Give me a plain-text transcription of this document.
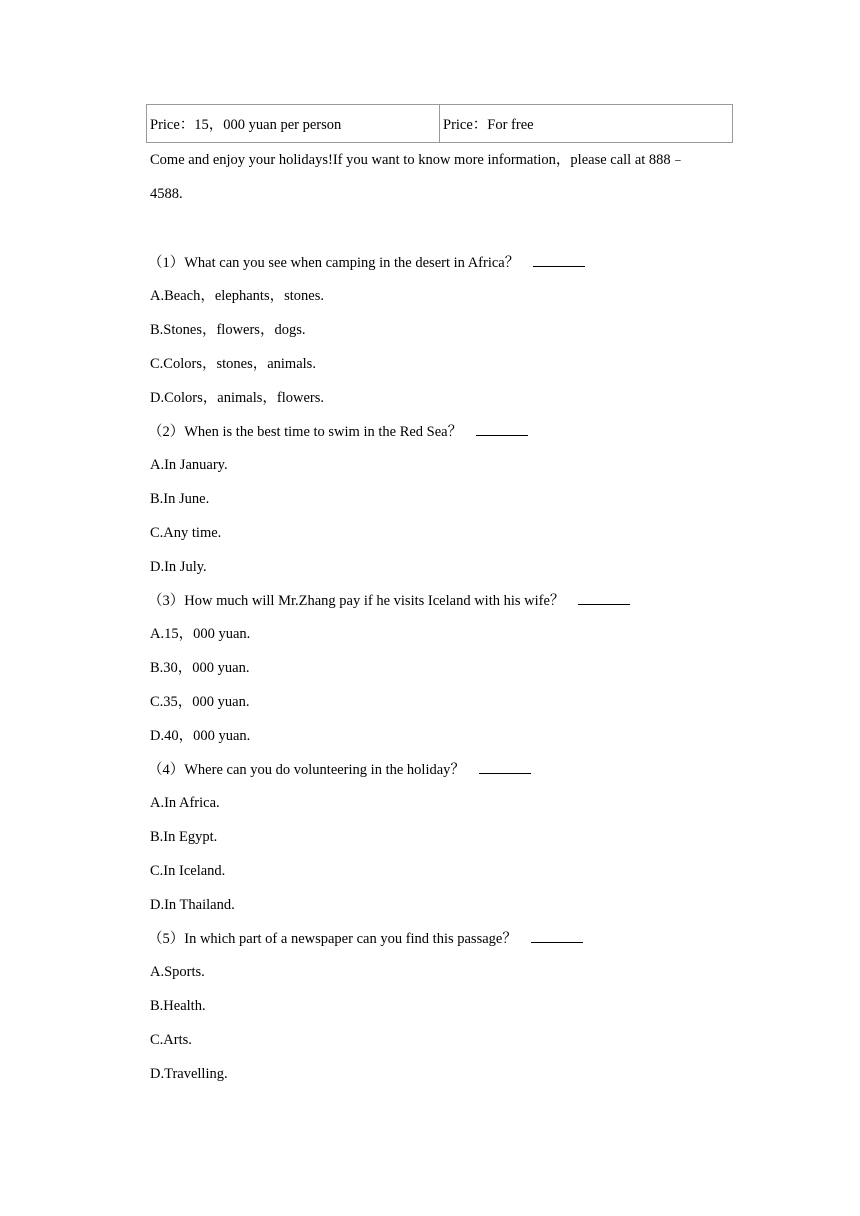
Price：15，000 yuan per person	Price：For free
Come and enjoy your holidays!If you want to know more information，please call at 888﹣
4588.
（1）What can you see when camping in the desert in Africa？
A.Beach，elephants，stones.
B.Stones，flowers，dogs.
C.Colors，stones，animals.
D.Colors，animals，flowers.
（2）When is the best time to swim in the Red Sea？
A.In January.
B.In June.
C.Any time.
D.In July.
（3）How much will Mr.Zhang pay if he visits Iceland with his wife？
A.15，000 yuan.
B.30，000 yuan.
C.35，000 yuan.
D.40，000 yuan.
（4）Where can you do volunteering in the holiday？
A.In Africa.
B.In Egypt.
C.In Iceland.
D.In Thailand.
（5）In which part of a newspaper can you find this passage？
A.Sports.
B.Health.
C.Arts.
D.Travelling.
